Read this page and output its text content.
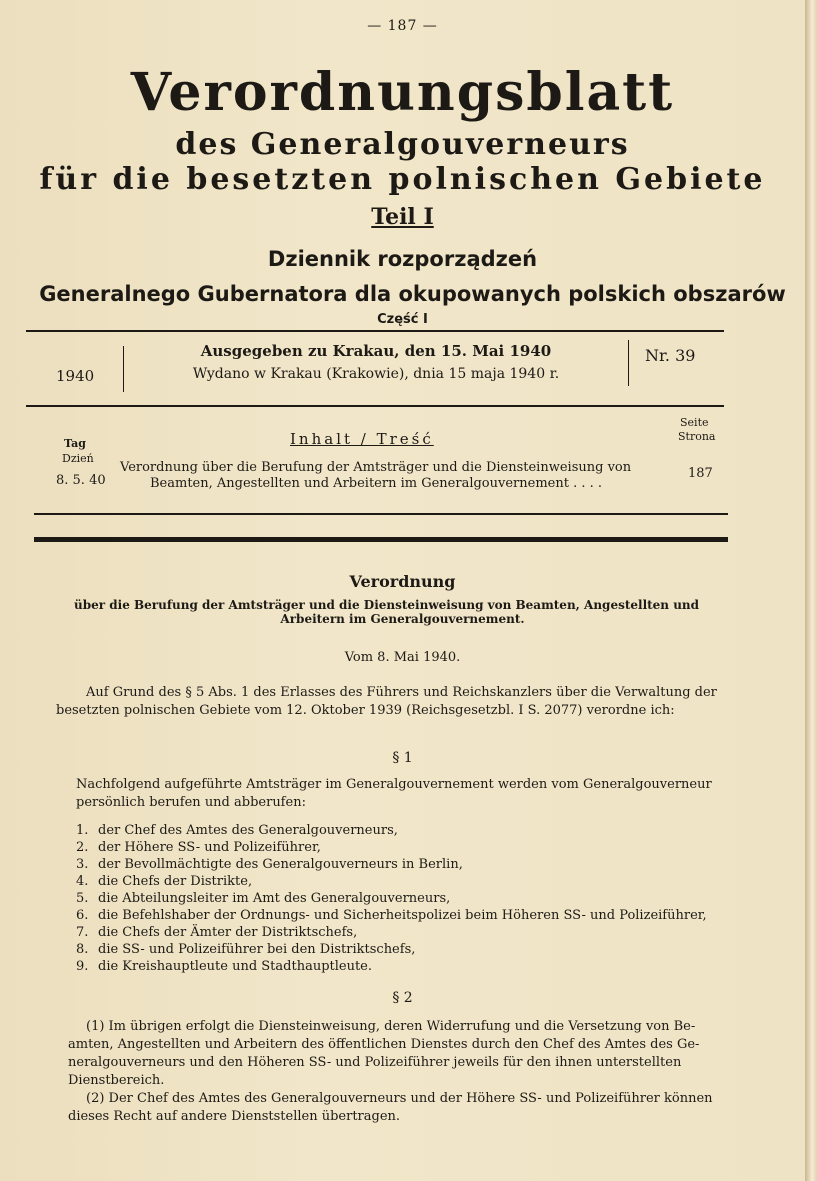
— 187 —
Verordnungsblatt
des Generalgouverneurs
für die besetzten polnischen Gebiete
Teil I
Dziennik rozporządzeń
Generalnego Gubernatora dla okupowanych polskich obszarów
Część I
1940
Ausgegeben zu Krakau, den 15. Mai 1940
Wydano w Krakau (Krakowie), dnia 15 maja 1940 r.
Nr. 39
Tag
Dzień
Inhalt / Treść
Seite
Strona
8. 5. 40
Verordnung über die Berufung der Amtsträger und die Diensteinweisung von
Beamten, Angestellten und Arbeitern im Generalgouvernement . . . .
187
Verordnung
über die Berufung der Amtsträger und die Diensteinweisung von Beamten, Angestellten und
Arbeitern im Generalgouvernement.
Vom 8. Mai 1940.
Auf Grund des § 5 Abs. 1 des Erlasses des Führers und Reichskanzlers über die Verwaltung der
besetzten polnischen Gebiete vom 12. Oktober 1939 (Reichsgesetzbl. I S. 2077) verordne ich:
§ 1
Nachfolgend aufgeführte Amtsträger im Generalgouvernement werden vom Generalgouverneur
persönlich berufen und abberufen:
1. der Chef des Amtes des Generalgouverneurs,
2. der Höhere SS- und Polizeiführer,
3. der Bevollmächtigte des Generalgouverneurs in Berlin,
4. die Chefs der Distrikte,
5. die Abteilungsleiter im Amt des Generalgouverneurs,
6. die Befehlshaber der Ordnungs- und Sicherheitspolizei beim Höheren SS- und Polizeiführer,
7. die Chefs der Ämter der Distriktschefs,
8. die SS- und Polizeiführer bei den Distriktschefs,
9. die Kreishauptleute und Stadthauptleute.
§ 2
(1) Im übrigen erfolgt die Diensteinweisung, deren Widerrufung und die Versetzung von Be-
amten, Angestellten und Arbeitern des öffentlichen Dienstes durch den Chef des Amtes des Ge-
neralgouverneurs und den Höheren SS- und Polizeiführer jeweils für den ihnen unterstellten
Dienstbereich.
(2) Der Chef des Amtes des Generalgouverneurs und der Höhere SS- und Polizeiführer können
dieses Recht auf andere Dienststellen übertragen.
